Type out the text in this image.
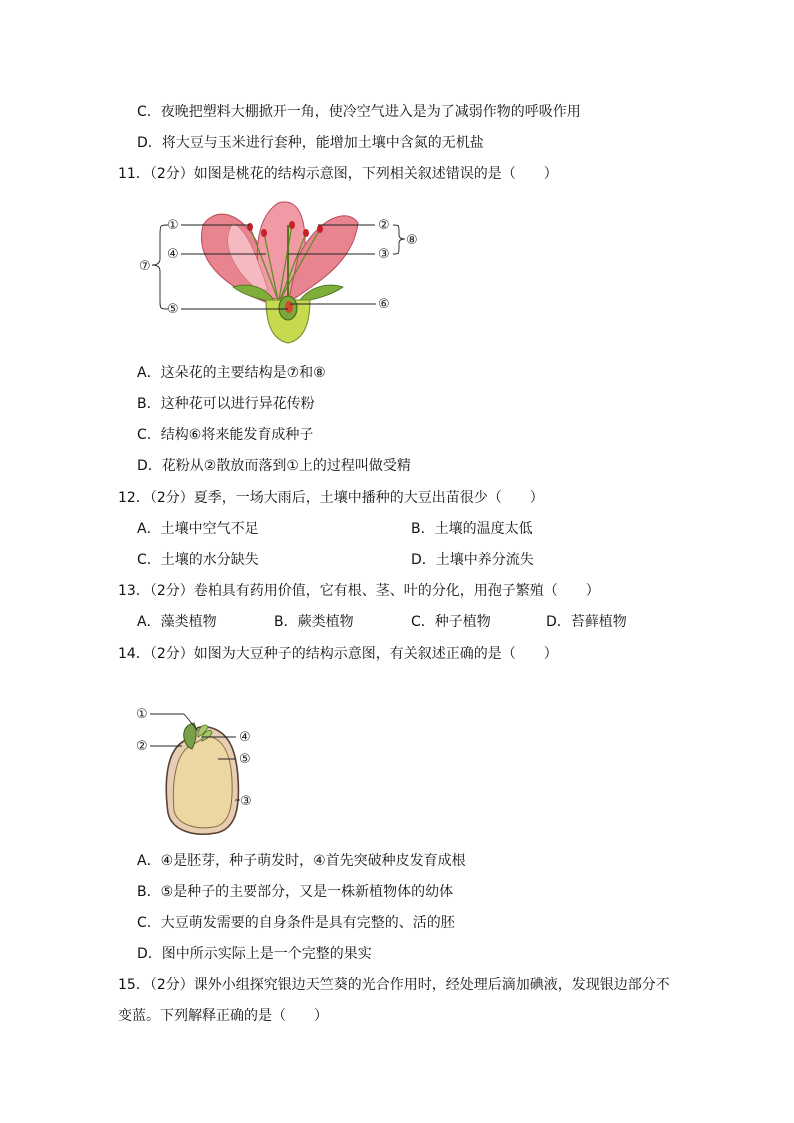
C．夜晚把塑料大棚掀开一角，使冷空气进入是为了减弱作物的呼吸作用
D．将大豆与玉米进行套种，能增加土壤中含氮的无机盐
11．（2分）如图是桃花的结构示意图，下列相关叙述错误的是（　　）
①
④
⑦
⑤
②
③
⑧
⑥
A．这朵花的主要结构是⑦和⑧
B．这种花可以进行异花传粉
C．结构⑥将来能发育成种子
D．花粉从②散放而落到①上的过程叫做受精
12．（2分）夏季，一场大雨后，土壤中播种的大豆出苗很少（　　）
A．土壤中空气不足	B．土壤的温度太低
C．土壤的水分缺失	D．土壤中养分流失
13．（2分）卷柏具有药用价值，它有根、茎、叶的分化，用孢子繁殖（　　）
A．藻类植物	B．蕨类植物	C．种子植物	D．苔藓植物
14．（2分）如图为大豆种子的结构示意图，有关叙述正确的是（　　）
①
②
④
⑤
③
A．④是胚芽，种子萌发时，④首先突破种皮发育成根
B．⑤是种子的主要部分，又是一株新植物体的幼体
C．大豆萌发需要的自身条件是具有完整的、活的胚
D．图中所示实际上是一个完整的果实
15．（2分）课外小组探究银边天竺葵的光合作用时，经处理后滴加碘液，发现银边部分不
变蓝。下列解释正确的是（　　）
